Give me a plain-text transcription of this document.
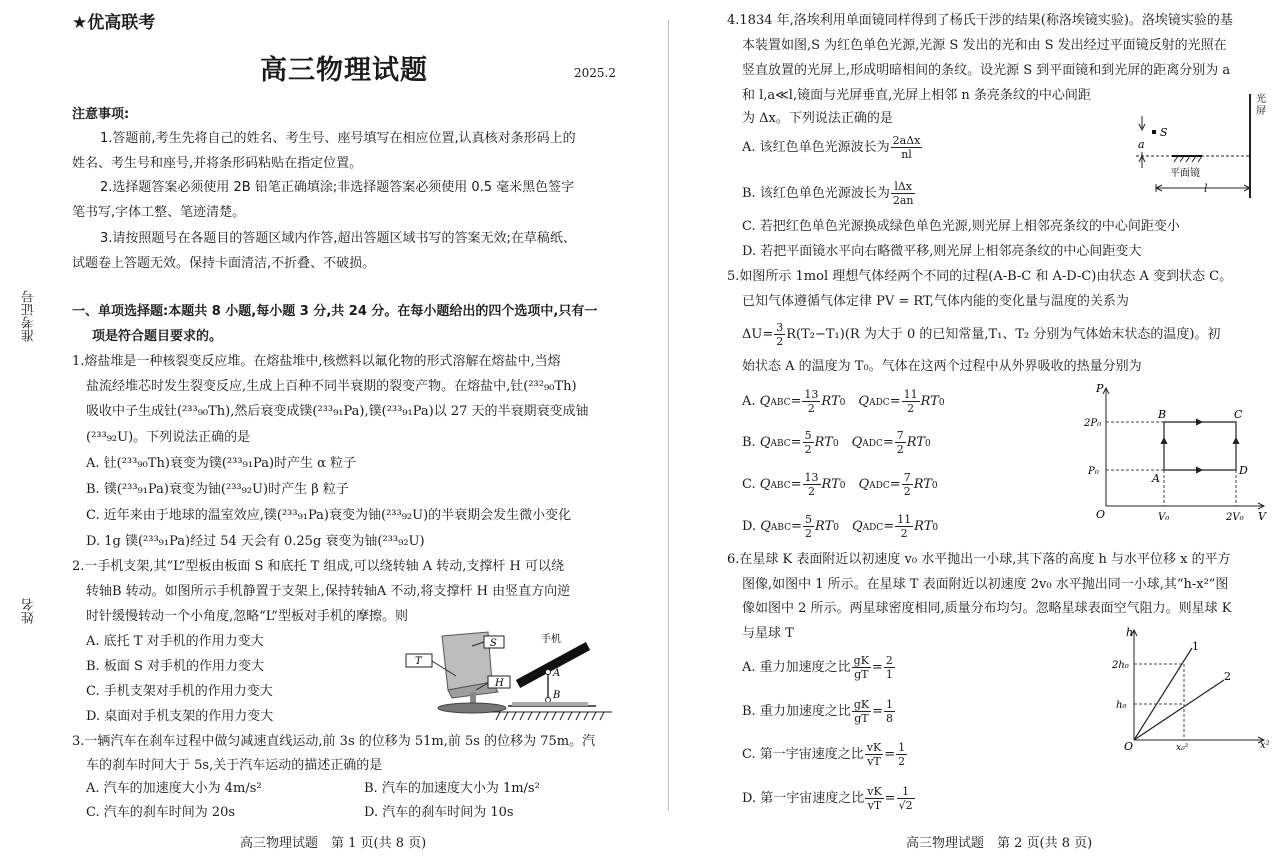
★优高联考
高三物理试题	2025.2
准考证号
姓名
注意事项:
1.答题前,考生先将自己的姓名、考生号、座号填写在相应位置,认真核对条形码上的
姓名、考生号和座号,并将条形码粘贴在指定位置。
2.选择题答案必须使用 2B 铅笔正确填涂;非选择题答案必须使用 0.5 毫米黑色签字
笔书写,字体工整、笔迹清楚。
3.请按照题号在各题目的答题区域内作答,超出答题区域书写的答案无效;在草稿纸、
试题卷上答题无效。保持卡面清洁,不折叠、不破损。
一、单项选择题:本题共 8 小题,每小题 3 分,共 24 分。在每小题给出的四个选项中,只有一
项是符合题目要求的。
1.熔盐堆是一种核裂变反应堆。在熔盐堆中,核燃料以氟化物的形式溶解在熔盐中,当熔
盐流经堆芯时发生裂变反应,生成上百种不同半衰期的裂变产物。在熔盐中,钍(²³²₉₀Th)
吸收中子生成钍(²³³₉₀Th),然后衰变成镤(²³³₉₁Pa),镤(²³³₉₁Pa)以 27 天的半衰期衰变成铀
(²³³₉₂U)。下列说法正确的是
A. 钍(²³³₉₀Th)衰变为镤(²³³₉₁Pa)时产生 α 粒子
B. 镤(²³³₉₁Pa)衰变为铀(²³³₉₂U)时产生 β 粒子
C. 近年来由于地球的温室效应,镤(²³³₉₁Pa)衰变为铀(²³³₉₂U)的半衰期会发生微小变化
D. 1g 镤(²³³₉₁Pa)经过 54 天会有 0.25g 衰变为铀(²³³₉₂U)
2.一手机支架,其“L”型板由板面 S 和底托 T 组成,可以绕转轴 A 转动,支撑杆 H 可以绕
转轴B 转动。如图所示手机静置于支架上,保持转轴A 不动,将支撑杆 H 由竖直方向逆
时针缓慢转动一个小角度,忽略“L”型板对手机的摩擦。则
A. 底托 T 对手机的作用力变大
B. 板面 S 对手机的作用力变大
C. 手机支架对手机的作用力变大
D. 桌面对手机支架的作用力变大
S
T
H
手机
A
B
3.一辆汽车在刹车过程中做匀减速直线运动,前 3s 的位移为 51m,前 5s 的位移为 75m。汽
车的刹车时间大于 5s,关于汽车运动的描述正确的是
A. 汽车的加速度大小为 4m/s²	B. 汽车的加速度大小为 1m/s²
C. 汽车的刹车时间为 20s	D. 汽车的刹车时间为 10s
高三物理试题　第 1 页(共 8 页)
4.1834 年,洛埃利用单面镜同样得到了杨氏干涉的结果(称洛埃镜实验)。洛埃镜实验的基
本装置如图,S 为红色单色光源,光源 S 发出的光和由 S 发出经过平面镜反射的光照在
竖直放置的光屏上,形成明暗相间的条纹。设光源 S 到平面镜和到光屏的距离分别为 a
和 l,a≪l,镜面与光屏垂直,光屏上相邻 n 条亮条纹的中心间距
为 Δx。下列说法正确的是
A. 该红色单色光源波长为 $\frac{\text{2aΔx}}{nl}$
B. 该红色单色光源波长为 $\frac{\text{lΔx}}{2an}$
C. 若把红色单色光源换成绿色单色光源,则光屏上相邻亮条纹的中心间距变小
D. 若把平面镜水平向右略微平移,则光屏上相邻亮条纹的中心间距变大
光
屏
S
a
平面镜
l
5.如图所示 1mol 理想气体经两个不同的过程(A-B-C 和 A-D-C)由状态 A 变到状态 C。
已知气体遵循气体定律 PV = RT,气体内能的变化量与温度的关系为
$\Delta U= \frac{3}{2} R(T_2-T_1)(R$ 为大于 0 的已知常量,T₁、T₂ 分别为气体始末状态的温度)。初
始状态 A 的温度为 T₀。气体在这两个过程中从外界吸收的热量分别为
A. QABC= $\frac{13}{2} RT0$　 QADC= $\frac{11}{2} RT0$
B. QABC= $\frac{5}{2} RT0$　 QADC= $\frac{7}{2} RT0$
C. QABC= $\frac{13}{2} RT0$　 QADC= $\frac{7}{2} RT0$
D. QABC= $\frac{5}{2} RT0$　 QADC= $\frac{11}{2} RT0$
P
V
O
2P₀
P₀
V₀	2V₀
B	C
A
D
6.在星球 K 表面附近以初速度 v₀ 水平抛出一小球,其下落的高度 h 与水平位移 x 的平方
图像,如图中 1 所示。在星球 T 表面附近以初速度 2v₀ 水平抛出同一小球,其“h-x²”图
像如图中 2 所示。两星球密度相同,质量分布均匀。忽略星球表面空气阻力。则星球 K
与星球 T
A. 重力加速度之比 $\frac{gK}{gT} = \frac{2}{1}$
B. 重力加速度之比 $\frac{gK}{gT} = \frac{1}{8}$
C. 第一宇宙速度之比 $\frac{vK}{vT} = \frac{1}{2}$
D. 第一宇宙速度之比 $\frac{vK}{vT} = \frac{1}{√2}$
h
x²
O
2h₀
h₀
x₀²
1
2
高三物理试题　第 2 页(共 8 页)
